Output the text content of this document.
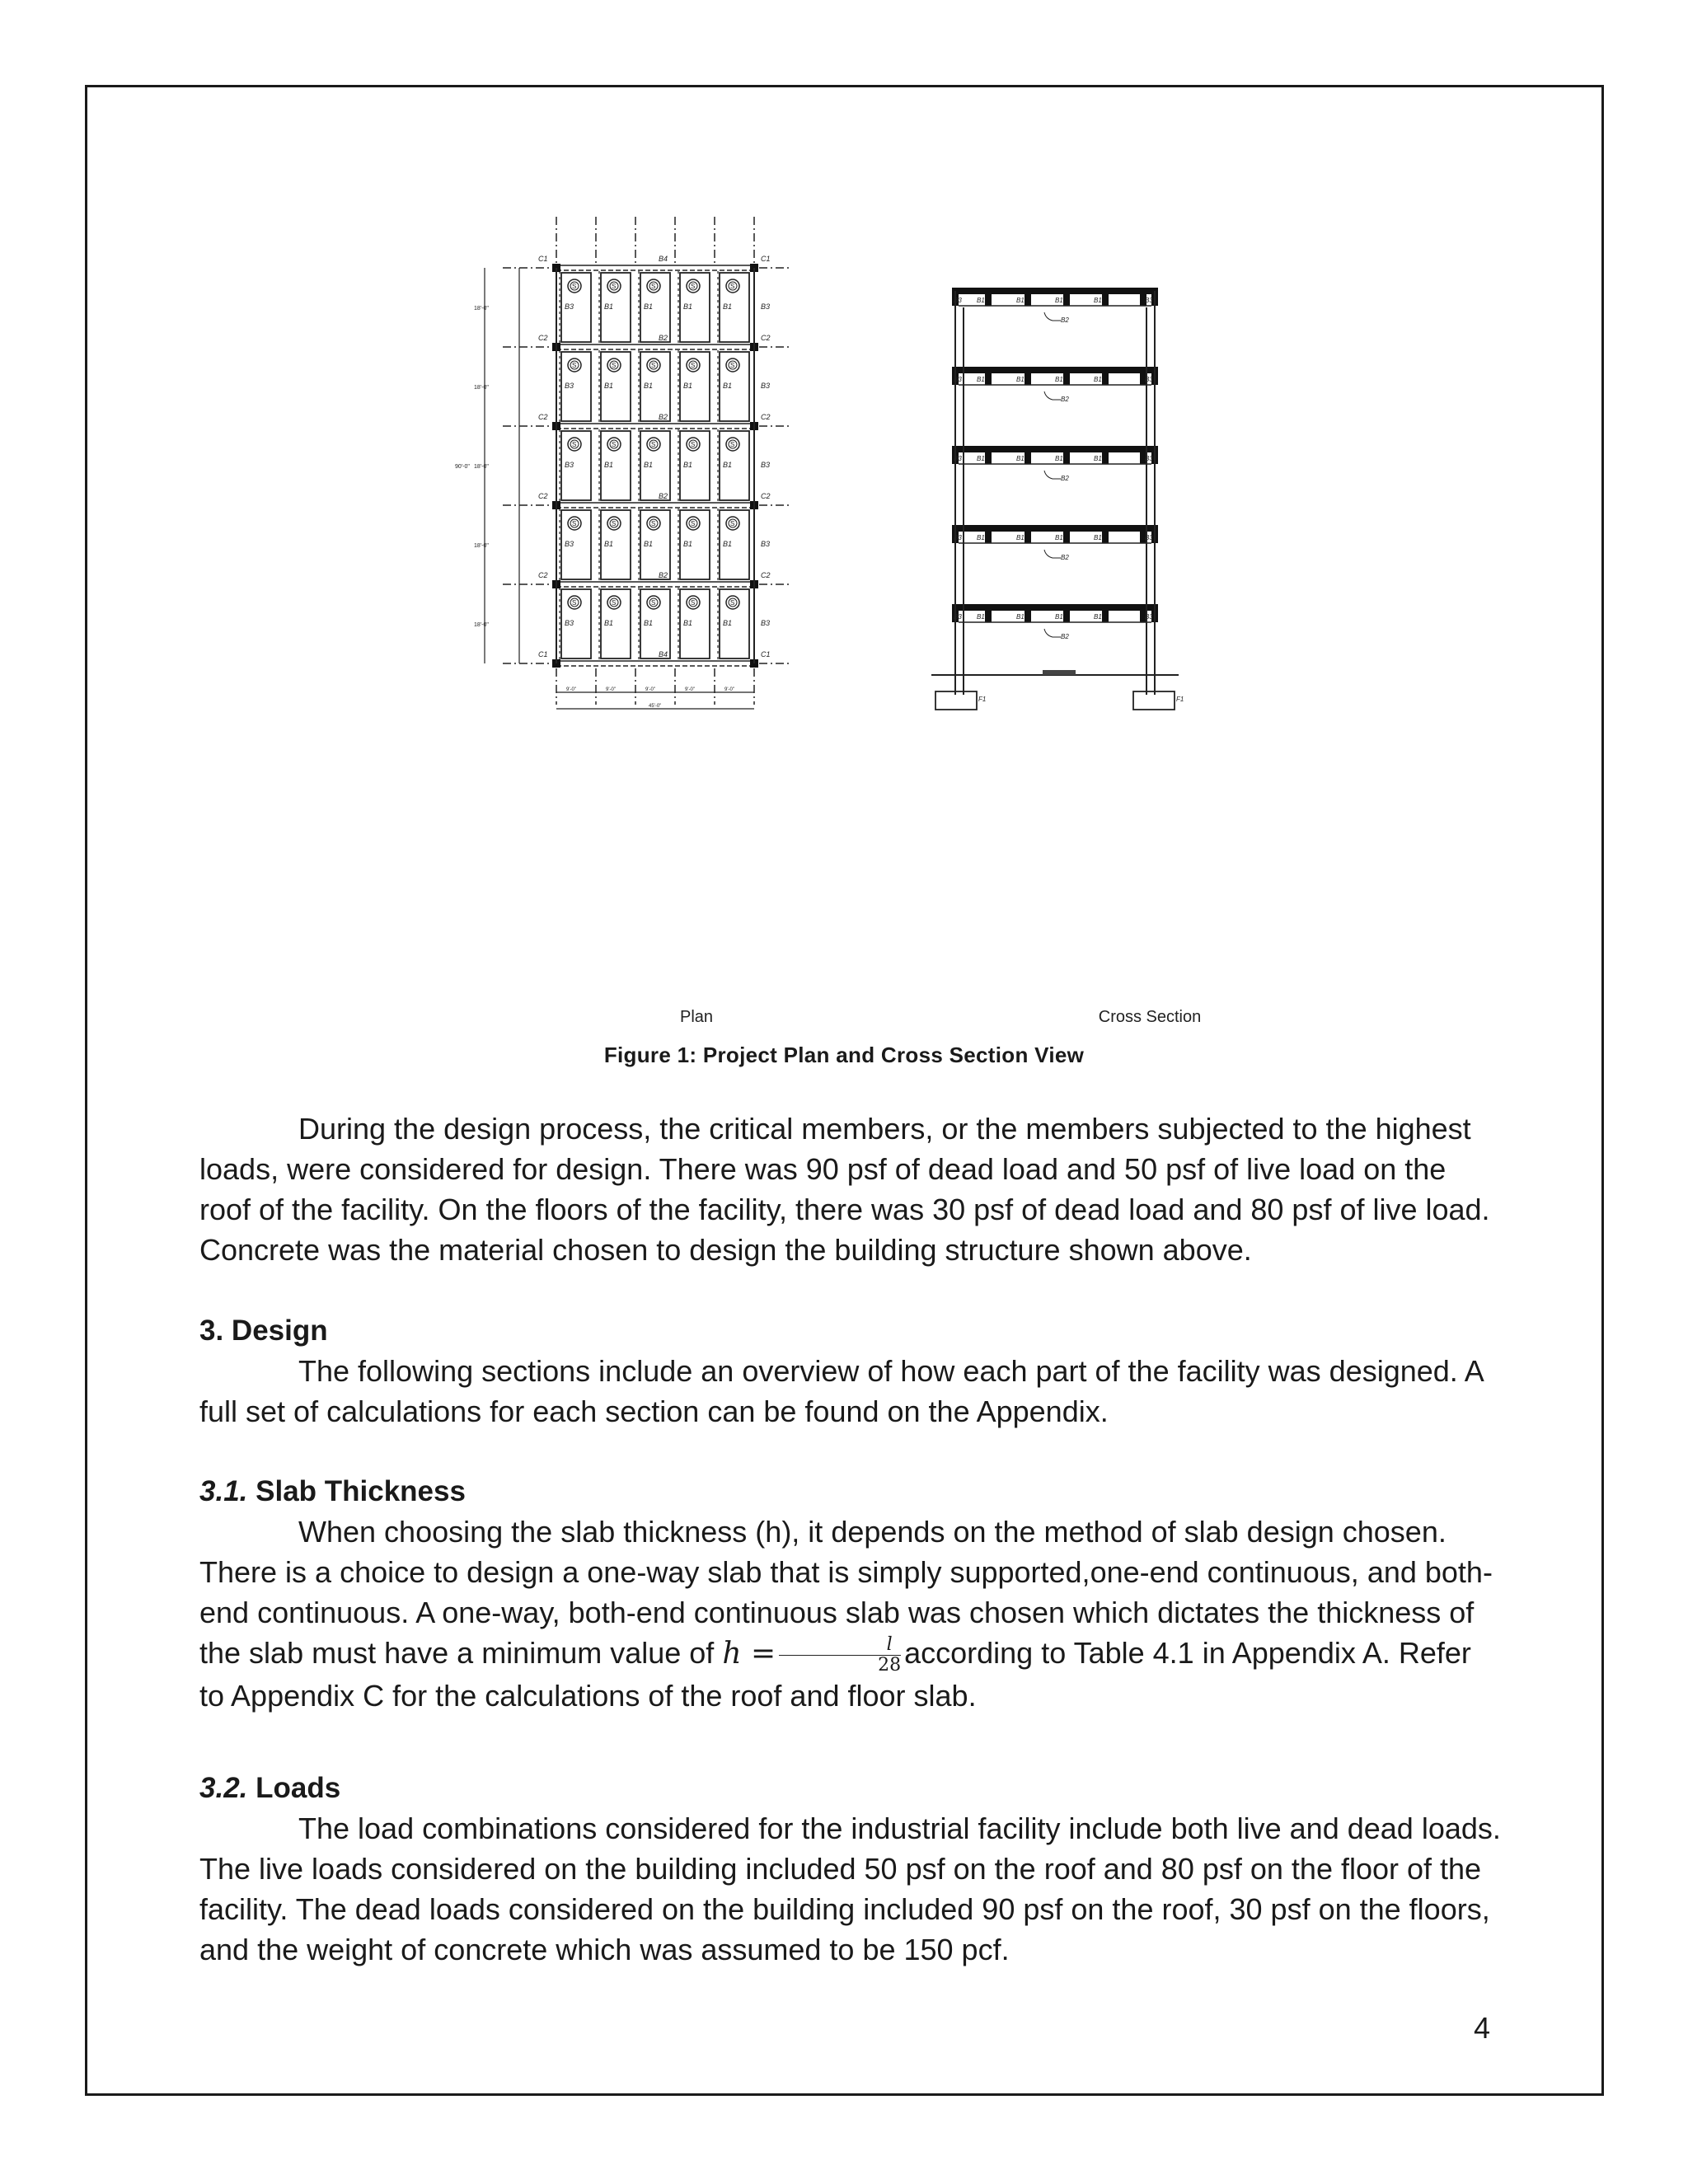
S
B3
S
B1
S
B1
S
B1
S
B1	B3
18'-0"
S
B3
S
B1
S
B1
S
B1
S
B1	B3
18'-0"
S
B3
S
B1
S
B1
S
B1
S
B1	B3
18'-0"
S
B3
S
B1
S
B1
S
B1
S
B1	B3
18'-0"
S
B3
S
B1
S
B1
S
B1
S
B1	B3
18'-0"
B4
C1	C1
B2
C2	C2
B2
C2	C2
B2
C2	C2
B2
C2	C2
B4
C1	C1
90'-0"
9'-0"	9'-0"	9'-0"	9'-0"	9'-0"
45'-0"
B3 B1	B1	B1	B1	B3
B2
B3 B1	B1	B1	B1	B3
B2
B3 B1	B1	B1	B1	B3
B2
B3 B1	B1	B1	B1	B3
B2
B3 B1	B1	B1	B1	B3
B2
F1	F1
Plan	Cross Section
Figure 1: Project Plan and Cross Section View

During the design process, the critical members, or the members subjected to the highest loads, were considered for design. There was 90 psf of dead load and 50 psf of live load on the roof of the facility. On the floors of the facility, there was 30 psf of dead load and 80 psf of live load. Concrete was the material chosen to design the building structure shown above.

3. Design

The following sections include an overview of how each part of the facility was designed. A full set of calculations for each section can be found on the Appendix.

3.1. Slab Thickness

When choosing the slab thickness (h), it depends on the method of slab design chosen. There is a choice to design a one-way slab that is simply supported,one-end continuous, and both-end continuous. A one-way, both-end continuous slab was chosen which dictates the thickness of the slab must have a minimum value of $h = \frac{l}{28}$ according to Table 4.1 in Appendix A. Refer to Appendix C for the calculations of the roof and floor slab.

3.2. Loads

The load combinations considered for the industrial facility include both live and dead loads. The live loads considered on the building included 50 psf on the roof and 80 psf on the floor of the facility. The dead loads considered on the building included 90 psf on the roof, 30 psf on the floors, and the weight of concrete which was assumed to be 150 pcf.

4
